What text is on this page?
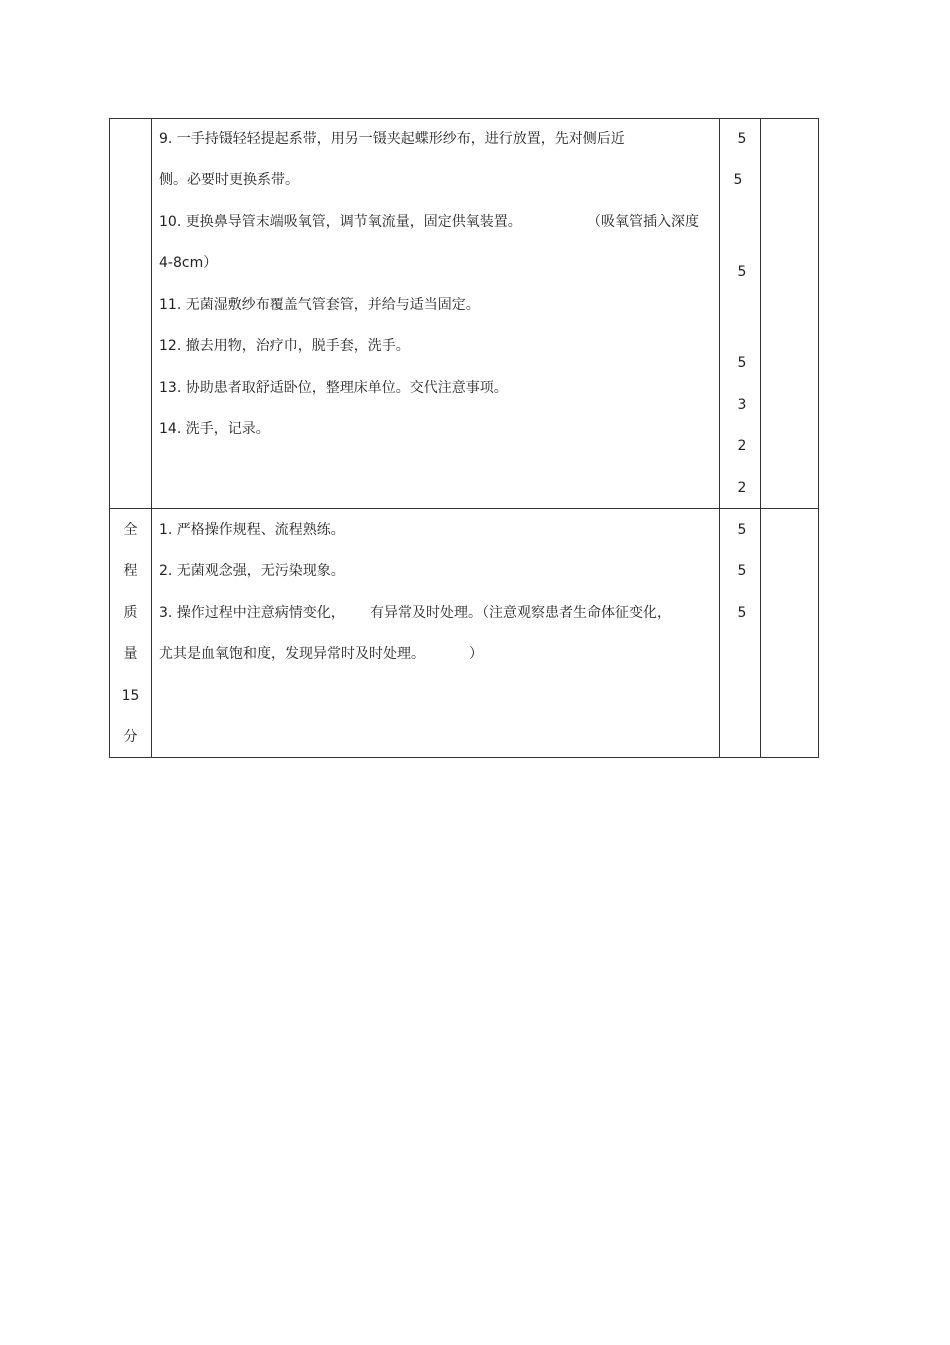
9. 一手持镊轻轻提起系带，用另一镊夹起蝶形纱布，进行放置，先对侧后近
侧。必要时更换系带。
10. 更换鼻导管末端吸氧管，调节氧流量，固定供氧装置。	（吸氧管插入深度
4-8cm）
11. 无菌湿敷纱布覆盖气管套管，并给与适当固定。
12. 撤去用物，治疗巾，脱手套，洗手。
13. 协助患者取舒适卧位，整理床单位。交代注意事项。
14. 洗手，记录。
5
5
5
5
3
2
2
全
程
质
量
15
分
1. 严格操作规程、流程熟练。
2. 无菌观念强，无污染现象。
3. 操作过程中注意病情变化， 有异常及时处理。（注意观察患者生命体征变化，
尤其是血氧饱和度，发现异常时及时处理。	）
5
5
5
